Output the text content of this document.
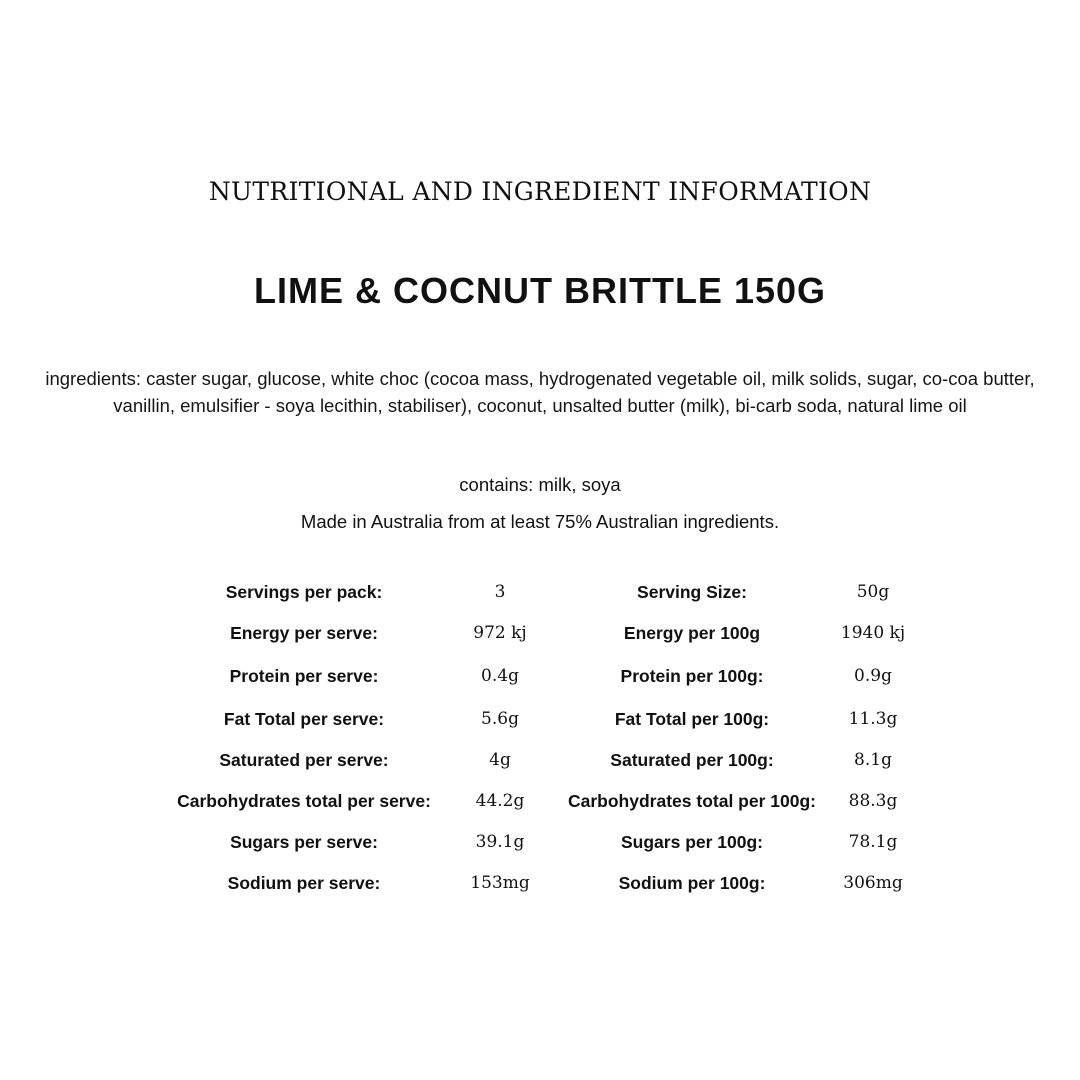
NUTRITIONAL AND INGREDIENT INFORMATION
LIME & COCNUT BRITTLE 150G

ingredients: caster sugar, glucose, white choc (cocoa mass, hydrogenated vegetable oil, milk solids, sugar, co-coa butter, vanillin, emulsifier - soya lecithin, stabiliser), coconut, unsalted butter (milk), bi-carb soda, natural lime oil

contains: milk, soya

Made in Australia from at least 75% Australian ingredients.

Servings per pack:	3	Serving Size:	50g
Energy per serve:	972 kj	Energy per 100g	1940 kj
Protein per serve:	0.4g	Protein per 100g:	0.9g
Fat Total per serve:	5.6g	Fat Total per 100g:	11.3g
Saturated per serve:	4g	Saturated per 100g:	8.1g
Carbohydrates total per serve:	44.2g	Carbohydrates total per 100g:	88.3g
Sugars per serve:	39.1g	Sugars per 100g:	78.1g
Sodium per serve:	153mg	Sodium per 100g:	306mg
